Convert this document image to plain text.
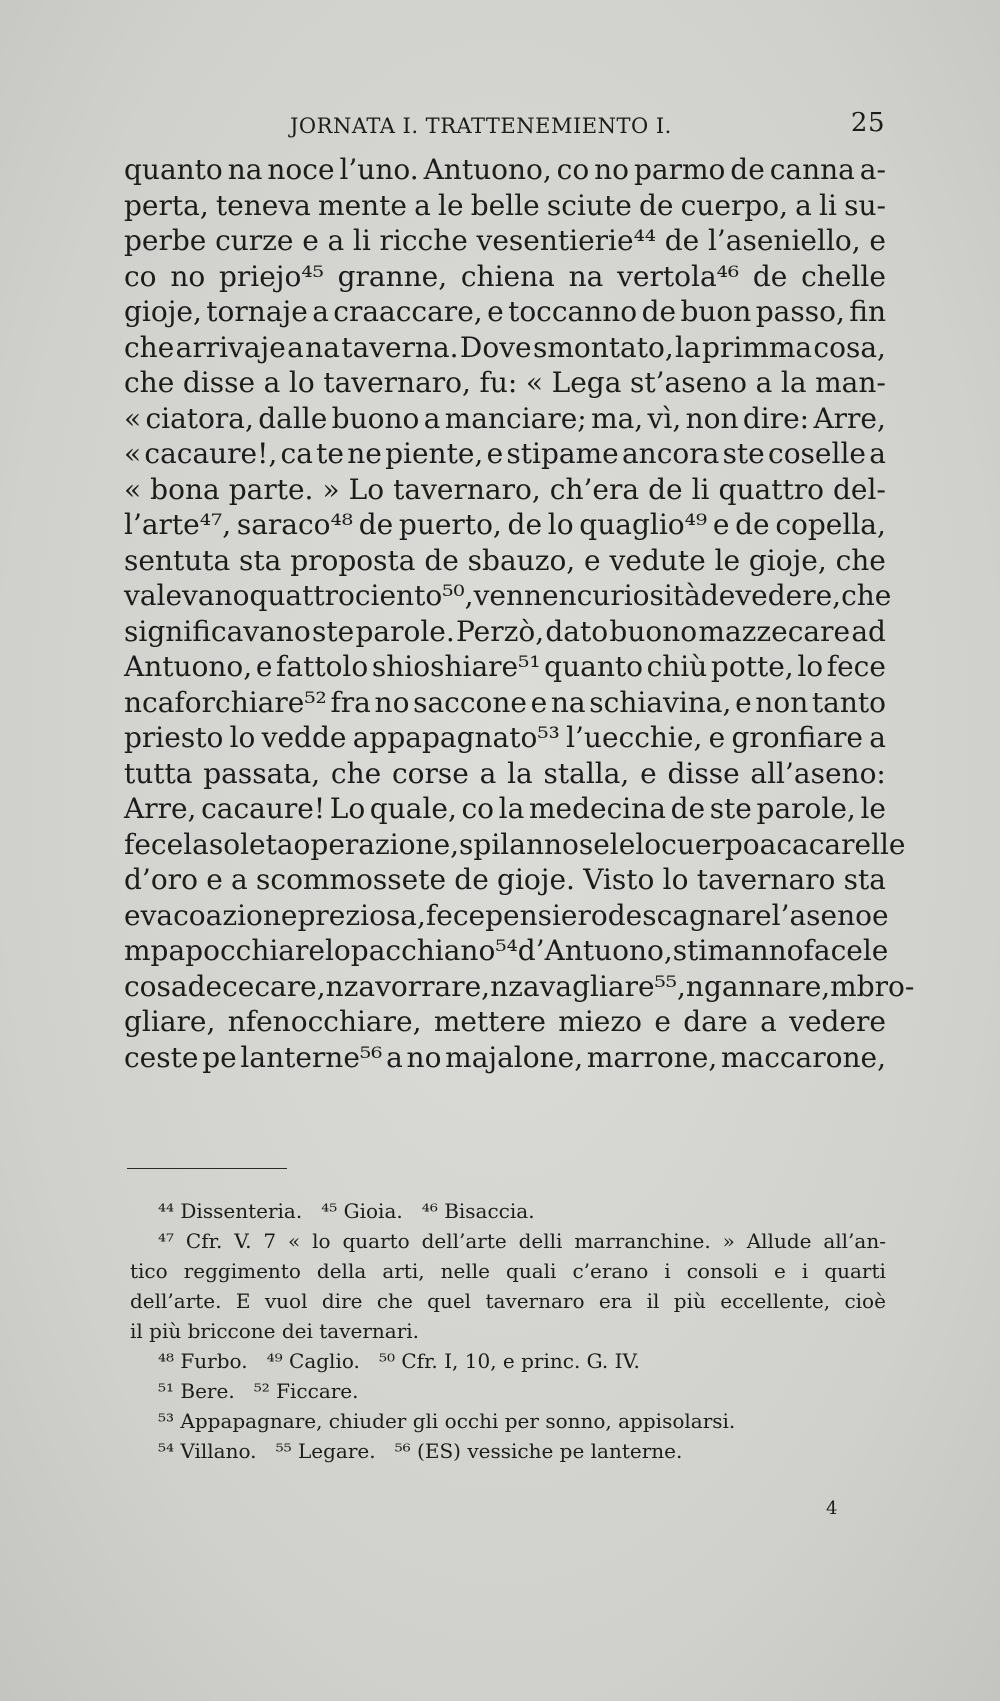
JORNATA I. TRATTENEMIENTO I.	25
quanto na noce l’uno. Antuono, co no parmo de canna a-
perta, teneva mente a le belle sciute de cuerpo, a li su-
perbe curze e a li ricche vesentierie⁴⁴ de l’aseniello, e
co no priejo⁴⁵ granne, chiena na vertola⁴⁶ de chelle
gioje, tornaje a craaccare, e toccanno de buon passo, fin
che arrivaje a na taverna. Dove smontato, la primma cosa,
che disse a lo tavernaro, fu: « Lega st’aseno a la man-
« ciatora, dalle buono a manciare; ma, vì, non dire: Arre,
« cacaure!, ca te ne piente, e stipame ancora ste coselle a
« bona parte. » Lo tavernaro, ch’era de li quattro del-
l’arte⁴⁷, saraco⁴⁸ de puerto, de lo quaglio⁴⁹ e de copella,
sentuta sta proposta de sbauzo, e vedute le gioje, che
valevano quattrociento⁵⁰, venne ncuriosità de vedere, che
significavano ste parole. Perzò, dato buono mazzecare ad
Antuono, e fattolo shioshiare⁵¹ quanto chiù potte, lo fece
ncaforchiare⁵² fra no saccone e na schiavina, e non tanto
priesto lo vedde appapagnato⁵³ l’uecchie, e gronfiare a
tutta passata, che corse a la stalla, e disse all’aseno:
Arre, cacaure! Lo quale, co la medecina de ste parole, le
fece la soleta operazione, spilannosele lo cuerpo a cacarelle
d’oro e a scommossete de gioje. Visto lo tavernaro sta
evacoazione preziosa, fece pensiero de scagnare l’aseno e
mpapocchiare lo pacchiano⁵⁴ d’Antuono, stimanno facele
cosa de cecare, nzavorrare, nzavagliare⁵⁵, ngannare, mbro-
gliare, nfenocchiare, mettere miezo e dare a vedere
ceste pe lanterne⁵⁶ a no majalone, marrone, maccarone,
⁴⁴ Dissenteria.   ⁴⁵ Gioia.   ⁴⁶ Bisaccia.
⁴⁷ Cfr. V. 7 « lo quarto dell’arte delli marranchine. » Allude all’an-
tico reggimento della arti, nelle quali c’erano i consoli e i quarti
dell’arte. E vuol dire che quel tavernaro era il più eccellente, cioè
il più briccone dei tavernari.
⁴⁸ Furbo.   ⁴⁹ Caglio.   ⁵⁰ Cfr. I, 10, e princ. G. IV.
⁵¹ Bere.   ⁵² Ficcare.
⁵³ Appapagnare, chiuder gli occhi per sonno, appisolarsi.
⁵⁴ Villano.   ⁵⁵ Legare.   ⁵⁶ (ES) vessiche pe lanterne.
4
